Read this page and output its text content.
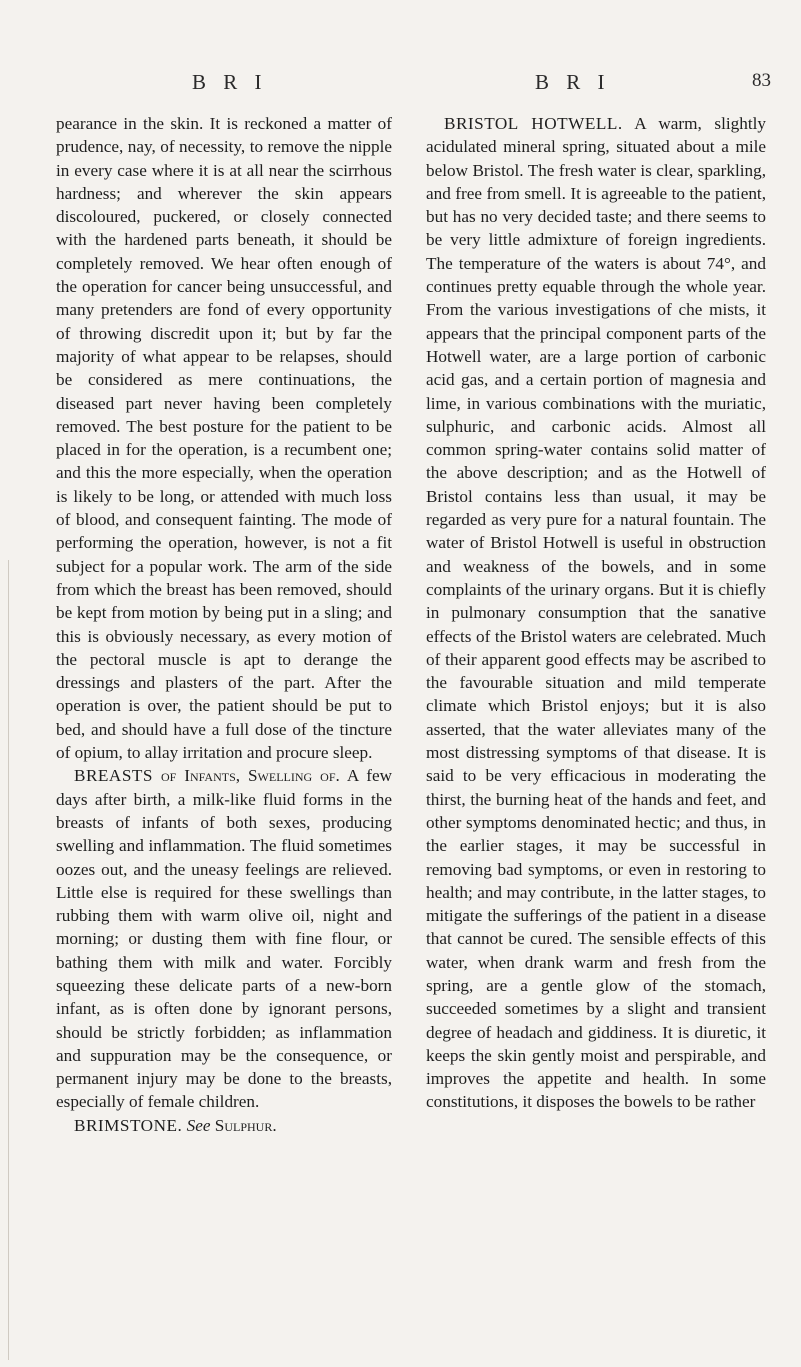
B R I	B R I	83

pearance in the skin. It is reckoned a matter of prudence, nay, of necessity, to remove the nipple in every case where it is at all near the scirrhous hardness; and wherever the skin appears discoloured, puckered, or closely connected with the hardened parts beneath, it should be completely removed. We hear often enough of the operation for cancer being unsuccessful, and many pretenders are fond of every opportunity of throwing discredit upon it; but by far the majority of what appear to be relapses, should be considered as mere continuations, the diseased part never having been completely removed. The best posture for the patient to be placed in for the operation, is a recumbent one; and this the more especially, when the operation is likely to be long, or attended with much loss of blood, and consequent fainting. The mode of performing the operation, however, is not a fit subject for a popular work. The arm of the side from which the breast has been removed, should be kept from motion by being put in a sling; and this is obviously necessary, as every motion of the pectoral muscle is apt to derange the dressings and plasters of the part. After the operation is over, the patient should be put to bed, and should have a full dose of the tincture of opium, to allay irritation and procure sleep.

BREASTS of Infants, Swelling of. A few days after birth, a milk-like fluid forms in the breasts of infants of both sexes, producing swelling and inflammation. The fluid sometimes oozes out, and the uneasy feelings are relieved. Little else is required for these swellings than rubbing them with warm olive oil, night and morning; or dusting them with fine flour, or bathing them with milk and water. Forcibly squeezing these delicate parts of a new-born infant, as is often done by ignorant persons, should be strictly forbidden; as inflammation and suppuration may be the consequence, or permanent injury may be done to the breasts, especially of female children.

BRIMSTONE. See Sulphur.

BRISTOL HOTWELL. A warm, slightly acidulated mineral spring, situated about a mile below Bristol. The fresh water is clear, sparkling, and free from smell. It is agreeable to the patient, but has no very decided taste; and there seems to be very little admixture of foreign ingredients. The temperature of the waters is about 74°, and continues pretty equable through the whole year. From the various investigations of che mists, it appears that the principal component parts of the Hotwell water, are a large portion of carbonic acid gas, and a certain portion of magnesia and lime, in various combinations with the muriatic, sulphuric, and carbonic acids. Almost all common spring-water contains solid matter of the above description; and as the Hotwell of Bristol contains less than usual, it may be regarded as very pure for a natural fountain. The water of Bristol Hotwell is useful in obstruction and weakness of the bowels, and in some complaints of the urinary organs. But it is chiefly in pulmonary consumption that the sanative effects of the Bristol waters are celebrated. Much of their apparent good effects may be ascribed to the favourable situation and mild temperate climate which Bristol enjoys; but it is also asserted, that the water alleviates many of the most distressing symptoms of that disease. It is said to be very efficacious in moderating the thirst, the burning heat of the hands and feet, and other symptoms denominated hectic; and thus, in the earlier stages, it may be successful in removing bad symptoms, or even in restoring to health; and may contribute, in the latter stages, to mitigate the sufferings of the patient in a disease that cannot be cured. The sensible effects of this water, when drank warm and fresh from the spring, are a gentle glow of the stomach, succeeded sometimes by a slight and transient degree of headach and giddiness. It is diuretic, it keeps the skin gently moist and perspirable, and improves the appetite and health. In some constitutions, it disposes the bowels to be rather
